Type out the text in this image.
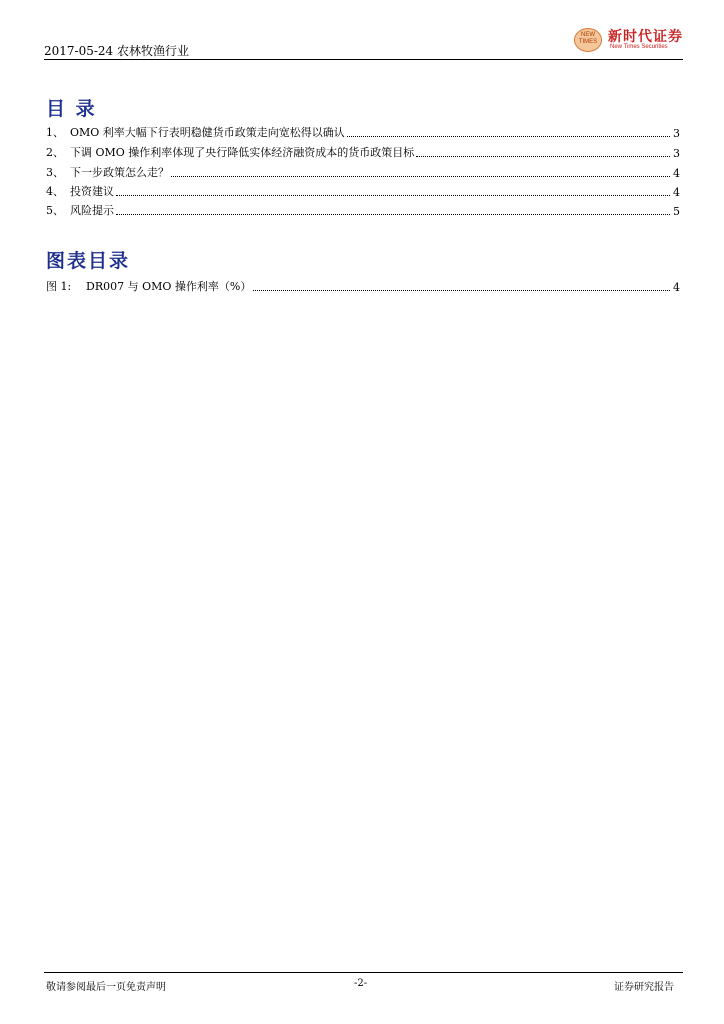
2017-05-24 农林牧渔行业
NEW TIMES 新时代证券
New Times Securities
目 录
1、 OMO 利率大幅下行表明稳健货币政策走向宽松得以确认	3
2、 下调 OMO 操作利率体现了央行降低实体经济融资成本的货币政策目标	3
3、 下一步政策怎么走？	4
4、 投资建议	4
5、 风险提示	5
图表目录
图 1:	DR007 与 OMO 操作利率（%）	4
敬请参阅最后一页免责声明	-2-	证券研究报告
